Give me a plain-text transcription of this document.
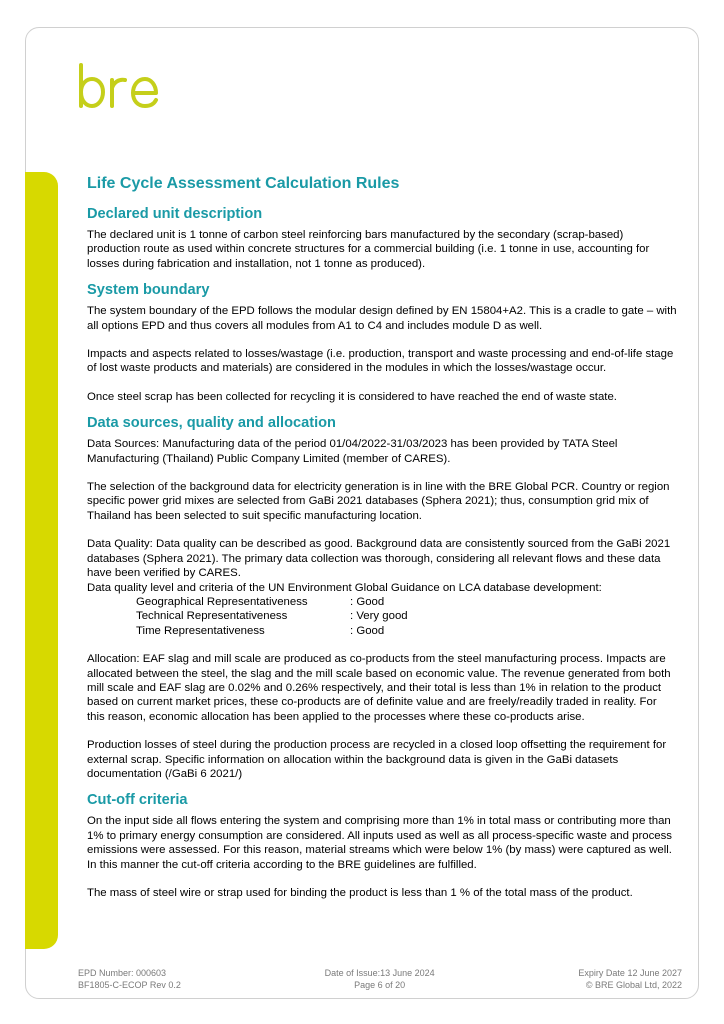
Life Cycle Assessment Calculation Rules
Declared unit description

The declared unit is 1 tonne of carbon steel reinforcing bars manufactured by the secondary (scrap-based) production route as used within concrete structures for a commercial building (i.e. 1 tonne in use, accounting for losses during fabrication and installation, not 1 tonne as produced).

System boundary

The system boundary of the EPD follows the modular design defined by EN 15804+A2. This is a cradle to gate – with all options EPD and thus covers all modules from A1 to C4 and includes module D as well.

Impacts and aspects related to losses/wastage (i.e. production, transport and waste processing and end-of-life stage of lost waste products and materials) are considered in the modules in which the losses/wastage occur.

Once steel scrap has been collected for recycling it is considered to have reached the end of waste state.

Data sources, quality and allocation

Data Sources: Manufacturing data of the period 01/04/2022-31/03/2023 has been provided by TATA Steel Manufacturing (Thailand) Public Company Limited (member of CARES).

The selection of the background data for electricity generation is in line with the BRE Global PCR. Country or region specific power grid mixes are selected from GaBi 2021 databases (Sphera 2021); thus, consumption grid mix of Thailand has been selected to suit specific manufacturing location.

Data Quality: Data quality can be described as good. Background data are consistently sourced from the GaBi 2021 databases (Sphera 2021). The primary data collection was thorough, considering all relevant flows and these data have been verified by CARES.

Data quality level and criteria of the UN Environment Global Guidance on LCA database development:

Geographical Representativeness	: Good
Technical Representativeness	: Very good
Time Representativeness	: Good

Allocation: EAF slag and mill scale are produced as co-products from the steel manufacturing process. Impacts are allocated between the steel, the slag and the mill scale based on economic value. The revenue generated from both mill scale and EAF slag are 0.02% and 0.26% respectively, and their total is less than 1% in relation to the product based on current market prices, these co-products are of definite value and are freely/readily traded in reality. For this reason, economic allocation has been applied to the processes where these co-products arise.

Production losses of steel during the production process are recycled in a closed loop offsetting the requirement for external scrap. Specific information on allocation within the background data is given in the GaBi datasets documentation (/GaBi 6 2021/)

Cut-off criteria

On the input side all flows entering the system and comprising more than 1% in total mass or contributing more than 1% to primary energy consumption are considered. All inputs used as well as all process-specific waste and process emissions were assessed. For this reason, material streams which were below 1% (by mass) were captured as well. In this manner the cut-off criteria according to the BRE guidelines are fulfilled.

The mass of steel wire or strap used for binding the product is less than 1 % of the total mass of the product.

EPD Number: 000603
BF1805-C-ECOP Rev 0.2
Date of Issue:13 June 2024
Page 6 of 20
Expiry Date 12 June 2027
© BRE Global Ltd, 2022
